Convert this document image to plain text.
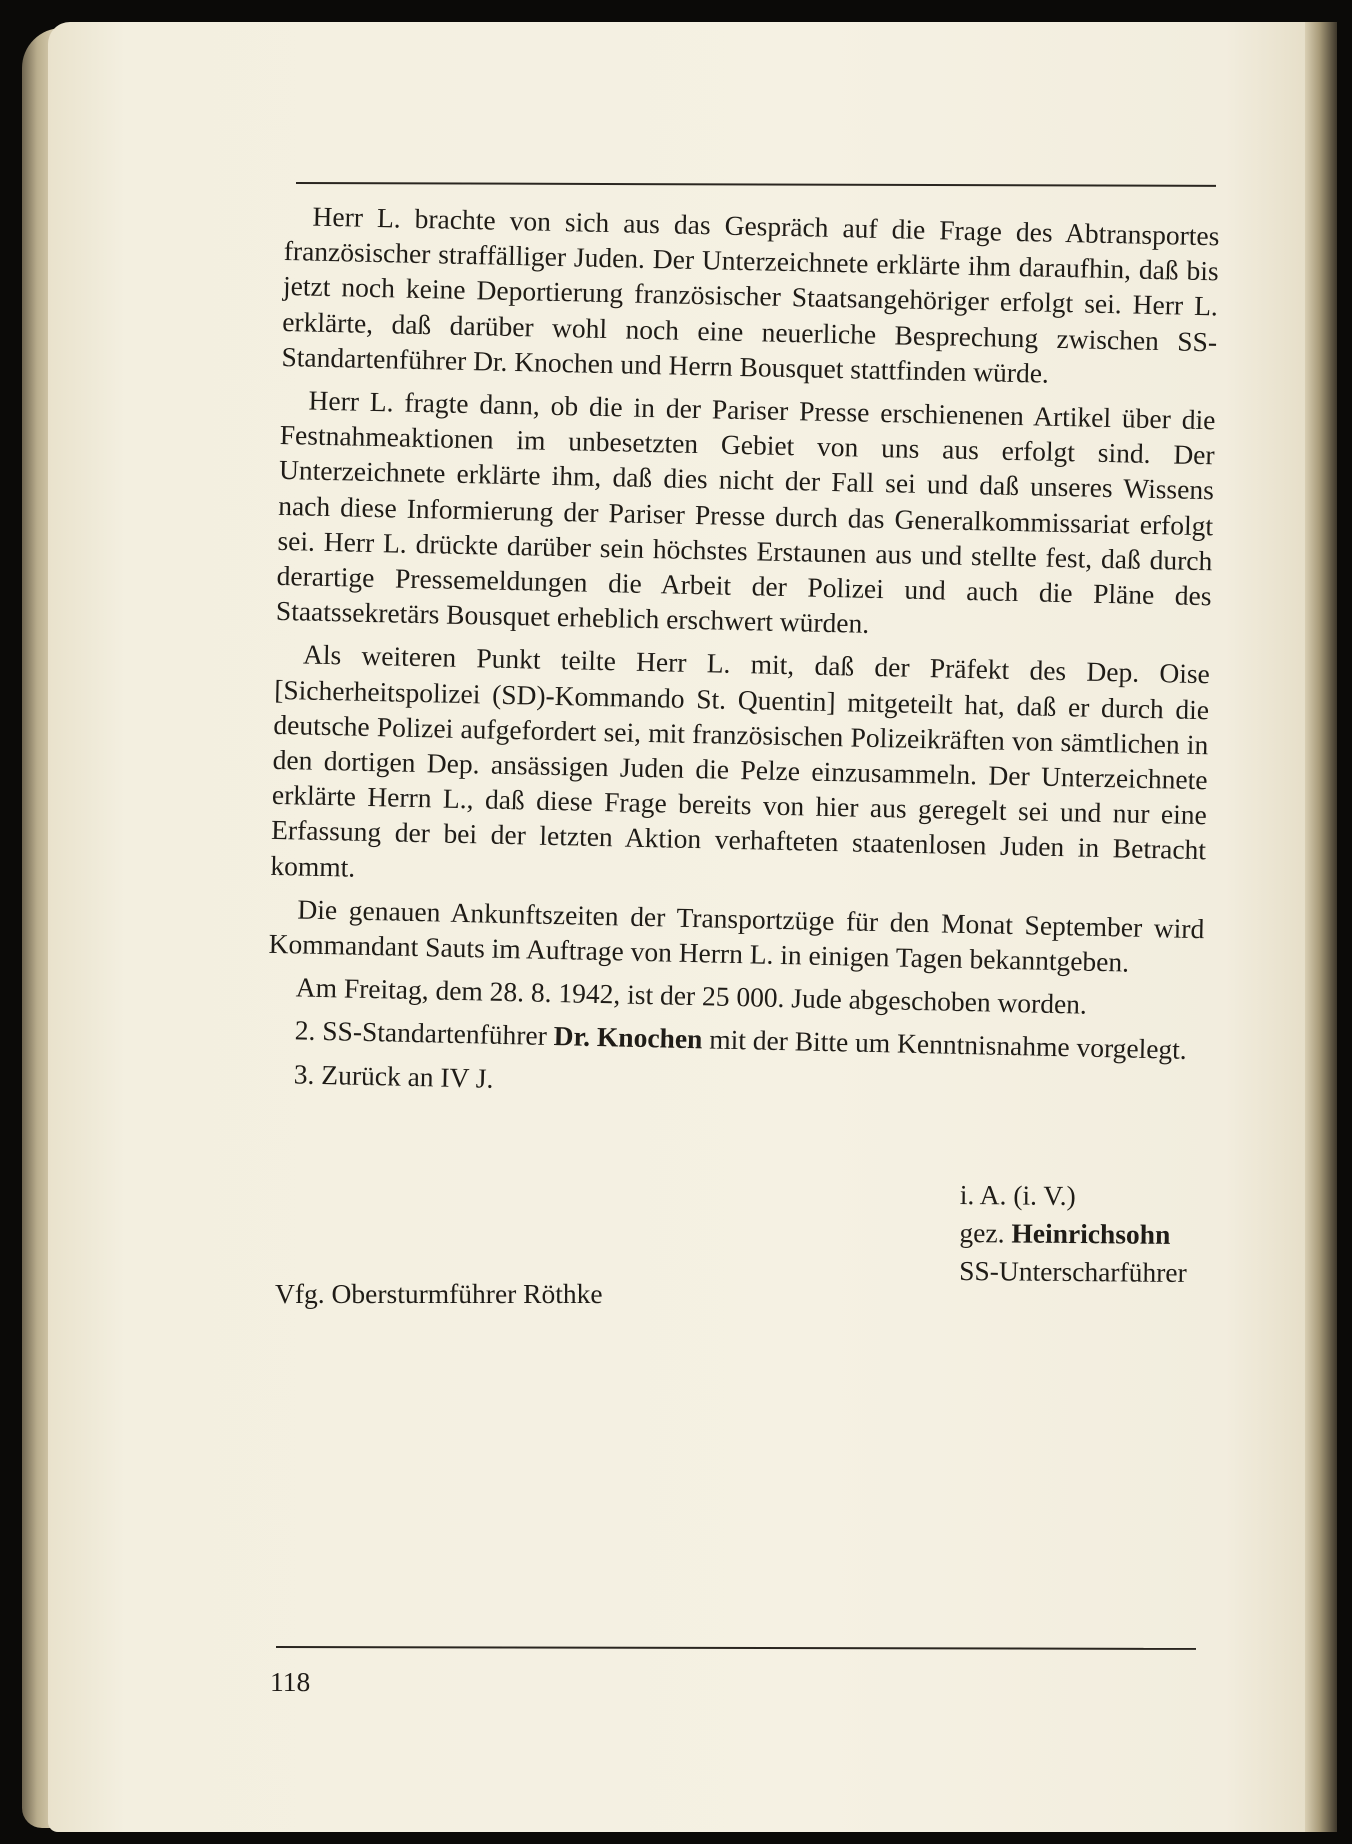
Herr L. brachte von sich aus das Gespräch auf die Frage des Abtransportes französischer straffälliger Juden. Der Unterzeichnete erklärte ihm daraufhin, daß bis jetzt noch keine Deportierung französischer Staatsangehöriger erfolgt sei. Herr L. erklärte, daß darüber wohl noch eine neuerliche Besprechung zwischen SS-Standartenführer Dr. Knochen und Herrn Bousquet stattfinden würde.

Herr L. fragte dann, ob die in der Pariser Presse erschienenen Artikel über die Festnahmeaktionen im unbesetzten Gebiet von uns aus erfolgt sind. Der Unterzeichnete erklärte ihm, daß dies nicht der Fall sei und daß unseres Wissens nach diese Informierung der Pariser Presse durch das Generalkommissariat erfolgt sei. Herr L. drückte darüber sein höchstes Erstaunen aus und stellte fest, daß durch derartige Pressemeldungen die Arbeit der Polizei und auch die Pläne des Staatssekretärs Bousquet erheblich erschwert würden.

Als weiteren Punkt teilte Herr L. mit, daß der Präfekt des Dep. Oise [Sicherheitspolizei (SD)-Kommando St. Quentin] mitgeteilt hat, daß er durch die deutsche Polizei aufgefordert sei, mit französischen Polizeikräften von sämtlichen in den dortigen Dep. ansässigen Juden die Pelze einzusammeln. Der Unterzeichnete erklärte Herrn L., daß diese Frage bereits von hier aus geregelt sei und nur eine Erfassung der bei der letzten Aktion verhafteten staatenlosen Juden in Betracht kommt.

Die genauen Ankunftszeiten der Transportzüge für den Monat September wird Kommandant Sauts im Auftrage von Herrn L. in einigen Tagen bekanntgeben.

Am Freitag, dem 28. 8. 1942, ist der 25 000. Jude abgeschoben worden.

2. SS-Standartenführer Dr. Knochen mit der Bitte um Kenntnisnahme vorgelegt.

3. Zurück an IV J.

i. A. (i. V.)
gez. Heinrichsohn
SS-Unterscharführer
Vfg. Obersturmführer Röthke
118
